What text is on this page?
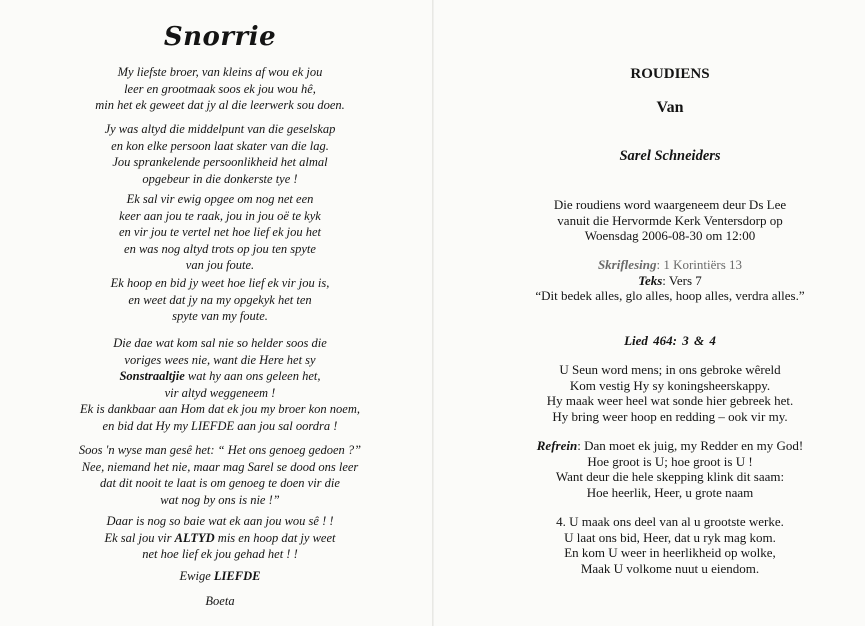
Snorrie
My liefste broer, van kleins af wou ek jou
leer en grootmaak soos ek jou wou hê,
min het ek geweet dat jy al die leerwerk sou doen.
Jy was altyd die middelpunt van die geselskap
en kon elke persoon laat skater van die lag.
Jou sprankelende persoonlikheid het almal
opgebeur in die donkerste tye !
Ek sal vir ewig opgee om nog net een
keer aan jou te raak, jou in jou oë te kyk
en vir jou te vertel net hoe lief ek jou het
en was nog altyd trots op jou ten spyte
van jou foute.
Ek hoop en bid jy weet hoe lief ek vir jou is,
en weet dat jy na my opgekyk het ten
spyte van my foute.
Die dae wat kom sal nie so helder soos die
voriges wees nie, want die Here het sy
Sonstraaltjie wat hy aan ons geleen het,
vir altyd weggeneem !
Ek is dankbaar aan Hom dat ek jou my broer kon noem,
en bid dat Hy my LIEFDE aan jou sal oordra !
Soos 'n wyse man gesê het: “ Het ons genoeg gedoen ?”
Nee, niemand het nie, maar mag Sarel se dood ons leer
dat dit nooit te laat is om genoeg te doen vir die
wat nog by ons is nie !”
Daar is nog so baie wat ek aan jou wou sê ! !
Ek sal jou vir ALTYD mis en hoop dat jy weet
net hoe lief ek jou gehad het ! !
Ewige LIEFDE
Boeta
ROUDIENS
Van
Sarel Schneiders
Die roudiens word waargeneem deur Ds Lee
vanuit die Hervormde Kerk Ventersdorp op
Woensdag 2006-08-30 om 12:00
Skriflesing: 1 Korintiërs 13
Teks: Vers 7
“Dit bedek alles, glo alles, hoop alles, verdra alles.”
Lied 464: 3 & 4
U Seun word mens; in ons gebroke wêreld
Kom vestig Hy sy koningsheerskappy.
Hy maak weer heel wat sonde hier gebreek het.
Hy bring weer hoop en redding – ook vir my.
Refrein: Dan moet ek juig, my Redder en my God!
Hoe groot is U; hoe groot is U !
Want deur die hele skepping klink dit saam:
Hoe heerlik, Heer, u grote naam
4. U maak ons deel van al u grootste werke.
U laat ons bid, Heer, dat u ryk mag kom.
En kom U weer in heerlikheid op wolke,
Maak U volkome nuut u eiendom.
